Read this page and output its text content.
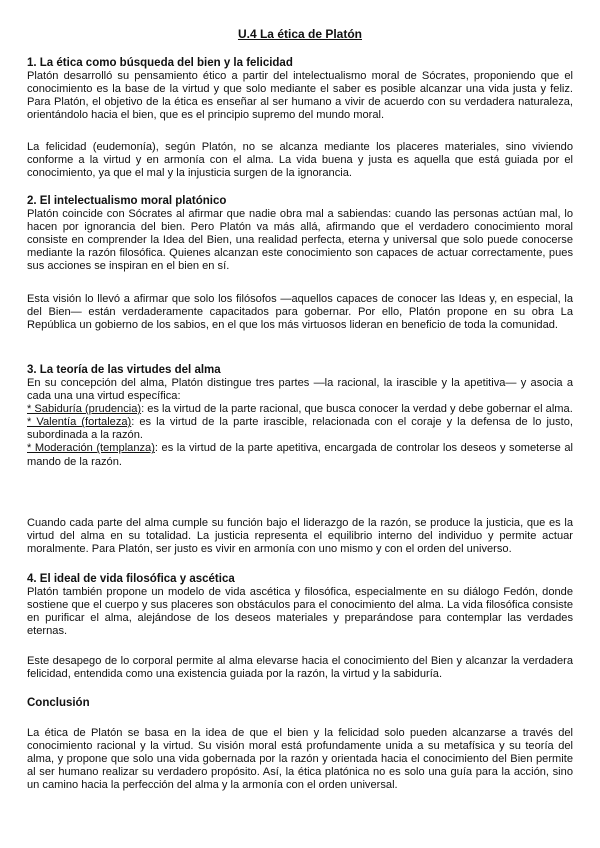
U.4 La ética de Platón

1. La ética como búsqueda del bien y la felicidad

Platón desarrolló su pensamiento ético a partir del intelectualismo moral de Sócrates, proponiendo que el conocimiento es la base de la virtud y que solo mediante el saber es posible alcanzar una vida justa y feliz. Para Platón, el objetivo de la ética es enseñar al ser humano a vivir de acuerdo con su verdadera naturaleza, orientándolo hacia el bien, que es el principio supremo del mundo moral.

La felicidad (eudemonía), según Platón, no se alcanza mediante los placeres materiales, sino viviendo conforme a la virtud y en armonía con el alma. La vida buena y justa es aquella que está guiada por el conocimiento, ya que el mal y la injusticia surgen de la ignorancia.

2. El intelectualismo moral platónico

Platón coincide con Sócrates al afirmar que nadie obra mal a sabiendas: cuando las personas actúan mal, lo hacen por ignorancia del bien. Pero Platón va más allá, afirmando que el verdadero conocimiento moral consiste en comprender la Idea del Bien, una realidad perfecta, eterna y universal que solo puede conocerse mediante la razón filosófica. Quienes alcanzan este conocimiento son capaces de actuar correctamente, pues sus acciones se inspiran en el bien en sí.

Esta visión lo llevó a afirmar que solo los filósofos —aquellos capaces de conocer las Ideas y, en especial, la del Bien— están verdaderamente capacitados para gobernar. Por ello, Platón propone en su obra La República un gobierno de los sabios, en el que los más virtuosos lideran en beneficio de toda la comunidad.

3. La teoría de las virtudes del alma

En su concepción del alma, Platón distingue tres partes —la racional, la irascible y la apetitiva— y asocia a cada una una virtud específica:

* Sabiduría (prudencia): es la virtud de la parte racional, que busca conocer la verdad y debe gobernar el alma.

* Valentía (fortaleza): es la virtud de la parte irascible, relacionada con el coraje y la defensa de lo justo, subordinada a la razón.

* Moderación (templanza): es la virtud de la parte apetitiva, encargada de controlar los deseos y someterse al mando de la razón.

Cuando cada parte del alma cumple su función bajo el liderazgo de la razón, se produce la justicia, que es la virtud del alma en su totalidad. La justicia representa el equilibrio interno del individuo y permite actuar moralmente. Para Platón, ser justo es vivir en armonía con uno mismo y con el orden del universo.

4. El ideal de vida filosófica y ascética

Platón también propone un modelo de vida ascética y filosófica, especialmente en su diálogo Fedón, donde sostiene que el cuerpo y sus placeres son obstáculos para el conocimiento del alma. La vida filosófica consiste en purificar el alma, alejándose de los deseos materiales y preparándose para contemplar las verdades eternas.

Este desapego de lo corporal permite al alma elevarse hacia el conocimiento del Bien y alcanzar la verdadera felicidad, entendida como una existencia guiada por la razón, la virtud y la sabiduría.

Conclusión

La ética de Platón se basa en la idea de que el bien y la felicidad solo pueden alcanzarse a través del conocimiento racional y la virtud. Su visión moral está profundamente unida a su metafísica y su teoría del alma, y propone que solo una vida gobernada por la razón y orientada hacia el conocimiento del Bien permite al ser humano realizar su verdadero propósito. Así, la ética platónica no es solo una guía para la acción, sino un camino hacia la perfección del alma y la armonía con el orden universal.
